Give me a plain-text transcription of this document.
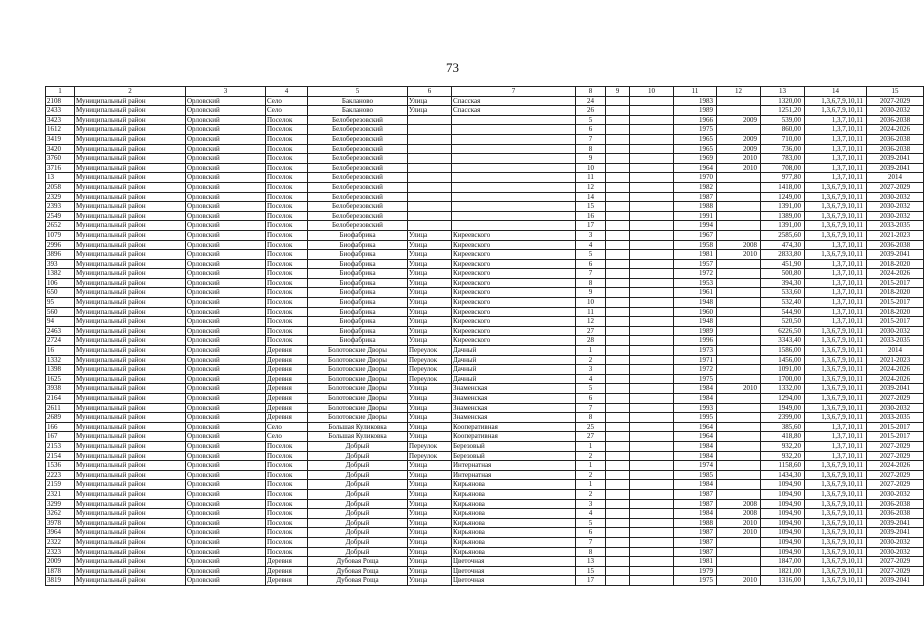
73
1	2	3	4	5	6	7	8	9	10	11	12	13	14	15
2108	Муниципальный район	Орловский	Село	Бакланово	Улица	Спасская	24			1983		1320,00	1,3,6,7,9,10,11	2027-2029
2433	Муниципальный район	Орловский	Село	Бакланово	Улица	Спасская	26			1989		1251,20	1,3,6,7,9,10,11	2030-2032
3423	Муниципальный район	Орловский	Поселок	Белоберезовский			5			1966	2009	539,00	1,3,7,10,11	2036-2038
1612	Муниципальный район	Орловский	Поселок	Белоберезовский			6			1975		860,00	1,3,7,10,11	2024-2026
3419	Муниципальный район	Орловский	Поселок	Белоберезовский			7			1965	2009	710,00	1,3,7,10,11	2036-2038
3420	Муниципальный район	Орловский	Поселок	Белоберезовский			8			1965	2009	736,00	1,3,7,10,11	2036-2038
3760	Муниципальный район	Орловский	Поселок	Белоберезовский			9			1969	2010	783,00	1,3,7,10,11	2039-2041
3716	Муниципальный район	Орловский	Поселок	Белоберезовский			10			1964	2010	708,00	1,3,7,10,11	2039-2041
13	Муниципальный район	Орловский	Поселок	Белоберезовский			11			1970		977,80	1,3,7,10,11	2014
2058	Муниципальный район	Орловский	Поселок	Белоберезовский			12			1982		1418,00	1,3,6,7,9,10,11	2027-2029
2329	Муниципальный район	Орловский	Поселок	Белоберезовский			14			1987		1249,00	1,3,6,7,9,10,11	2030-2032
2393	Муниципальный район	Орловский	Поселок	Белоберезовский			15			1988		1391,00	1,3,6,7,9,10,11	2030-2032
2549	Муниципальный район	Орловский	Поселок	Белоберезовский			16			1991		1389,00	1,3,6,7,9,10,11	2030-2032
2652	Муниципальный район	Орловский	Поселок	Белоберезовский			17			1994		1391,00	1,3,6,7,9,10,11	2033-2035
1079	Муниципальный район	Орловский	Поселок	Биофабрика	Улица	Киреевского	3			1967		2585,60	1,3,6,7,9,10,11	2021-2023
2996	Муниципальный район	Орловский	Поселок	Биофабрика	Улица	Киреевского	4			1958	2008	474,30	1,3,7,10,11	2036-2038
3896	Муниципальный район	Орловский	Поселок	Биофабрика	Улица	Киреевского	5			1981	2010	2833,80	1,3,6,7,9,10,11	2039-2041
393	Муниципальный район	Орловский	Поселок	Биофабрика	Улица	Киреевского	6			1957		451,90	1,3,7,10,11	2018-2020
1382	Муниципальный район	Орловский	Поселок	Биофабрика	Улица	Киреевского	7			1972		500,80	1,3,7,10,11	2024-2026
106	Муниципальный район	Орловский	Поселок	Биофабрика	Улица	Киреевского	8			1953		394,30	1,3,7,10,11	2015-2017
650	Муниципальный район	Орловский	Поселок	Биофабрика	Улица	Киреевского	9			1961		533,60	1,3,7,10,11	2018-2020
95	Муниципальный район	Орловский	Поселок	Биофабрика	Улица	Киреевского	10			1948		532,40	1,3,7,10,11	2015-2017
560	Муниципальный район	Орловский	Поселок	Биофабрика	Улица	Киреевского	11			1960		544,90	1,3,7,10,11	2018-2020
94	Муниципальный район	Орловский	Поселок	Биофабрика	Улица	Киреевского	12			1948		520,50	1,3,7,10,11	2015-2017
2463	Муниципальный район	Орловский	Поселок	Биофабрика	Улица	Киреевского	27			1989		6226,50	1,3,6,7,9,10,11	2030-2032
2724	Муниципальный район	Орловский	Поселок	Биофабрика	Улица	Киреевского	28			1996		3343,40	1,3,6,7,9,10,11	2033-2035
16	Муниципальный район	Орловский	Деревня	Болотовские Дворы	Переулок	Дачный	1			1973		1586,00	1,3,6,7,9,10,11	2014
1332	Муниципальный район	Орловский	Деревня	Болотовские Дворы	Переулок	Дачный	2			1971		1456,00	1,3,6,7,9,10,11	2021-2023
1398	Муниципальный район	Орловский	Деревня	Болотовские Дворы	Переулок	Дачный	3			1972		1091,00	1,3,6,7,9,10,11	2024-2026
1625	Муниципальный район	Орловский	Деревня	Болотовские Дворы	Переулок	Дачный	4			1975		1700,00	1,3,6,7,9,10,11	2024-2026
3938	Муниципальный район	Орловский	Деревня	Болотовские Дворы	Улица	Знаменская	5			1984	2010	1332,00	1,3,6,7,9,10,11	2039-2041
2164	Муниципальный район	Орловский	Деревня	Болотовские Дворы	Улица	Знаменская	6			1984		1294,00	1,3,6,7,9,10,11	2027-2029
2611	Муниципальный район	Орловский	Деревня	Болотовские Дворы	Улица	Знаменская	7			1993		1949,00	1,3,6,7,9,10,11	2030-2032
2689	Муниципальный район	Орловский	Деревня	Болотовские Дворы	Улица	Знаменская	8			1995		2399,00	1,3,6,7,9,10,11	2033-2035
166	Муниципальный район	Орловский	Село	Большая Куликовка	Улица	Кооперативная	25			1964		385,60	1,3,7,10,11	2015-2017
167	Муниципальный район	Орловский	Село	Большая Куликовка	Улица	Кооперативная	27			1964		418,80	1,3,7,10,11	2015-2017
2153	Муниципальный район	Орловский	Поселок	Добрый	Переулок	Березовый	1			1984		932,20	1,3,7,10,11	2027-2029
2154	Муниципальный район	Орловский	Поселок	Добрый	Переулок	Березовый	2			1984		932,20	1,3,7,10,11	2027-2029
1536	Муниципальный район	Орловский	Поселок	Добрый	Улица	Интернатная	1			1974		1158,60	1,3,6,7,9,10,11	2024-2026
2223	Муниципальный район	Орловский	Поселок	Добрый	Улица	Интернатная	2			1985		1434,30	1,3,6,7,9,10,11	2027-2029
2159	Муниципальный район	Орловский	Поселок	Добрый	Улица	Кирьянова	1			1984		1094,90	1,3,6,7,9,10,11	2027-2029
2321	Муниципальный район	Орловский	Поселок	Добрый	Улица	Кирьянова	2			1987		1094,90	1,3,6,7,9,10,11	2030-2032
3299	Муниципальный район	Орловский	Поселок	Добрый	Улица	Кирьянова	3			1987	2008	1094,90	1,3,6,7,9,10,11	2036-2038
3262	Муниципальный район	Орловский	Поселок	Добрый	Улица	Кирьянова	4			1984	2008	1094,90	1,3,6,7,9,10,11	2036-2038
3978	Муниципальный район	Орловский	Поселок	Добрый	Улица	Кирьянова	5			1988	2010	1094,90	1,3,6,7,9,10,11	2039-2041
3964	Муниципальный район	Орловский	Поселок	Добрый	Улица	Кирьянова	6			1987	2010	1094,90	1,3,6,7,9,10,11	2039-2041
2322	Муниципальный район	Орловский	Поселок	Добрый	Улица	Кирьянова	7			1987		1094,90	1,3,6,7,9,10,11	2030-2032
2323	Муниципальный район	Орловский	Поселок	Добрый	Улица	Кирьянова	8			1987		1094,90	1,3,6,7,9,10,11	2030-2032
2009	Муниципальный район	Орловский	Деревня	Дубовая Роща	Улица	Цветочная	13			1981		1847,00	1,3,6,7,9,10,11	2027-2029
1878	Муниципальный район	Орловский	Деревня	Дубовая Роща	Улица	Цветочная	15			1979		1821,00	1,3,6,7,9,10,11	2027-2029
3819	Муниципальный район	Орловский	Деревня	Дубовая Роща	Улица	Цветочная	17			1975	2010	1316,00	1,3,6,7,9,10,11	2039-2041
